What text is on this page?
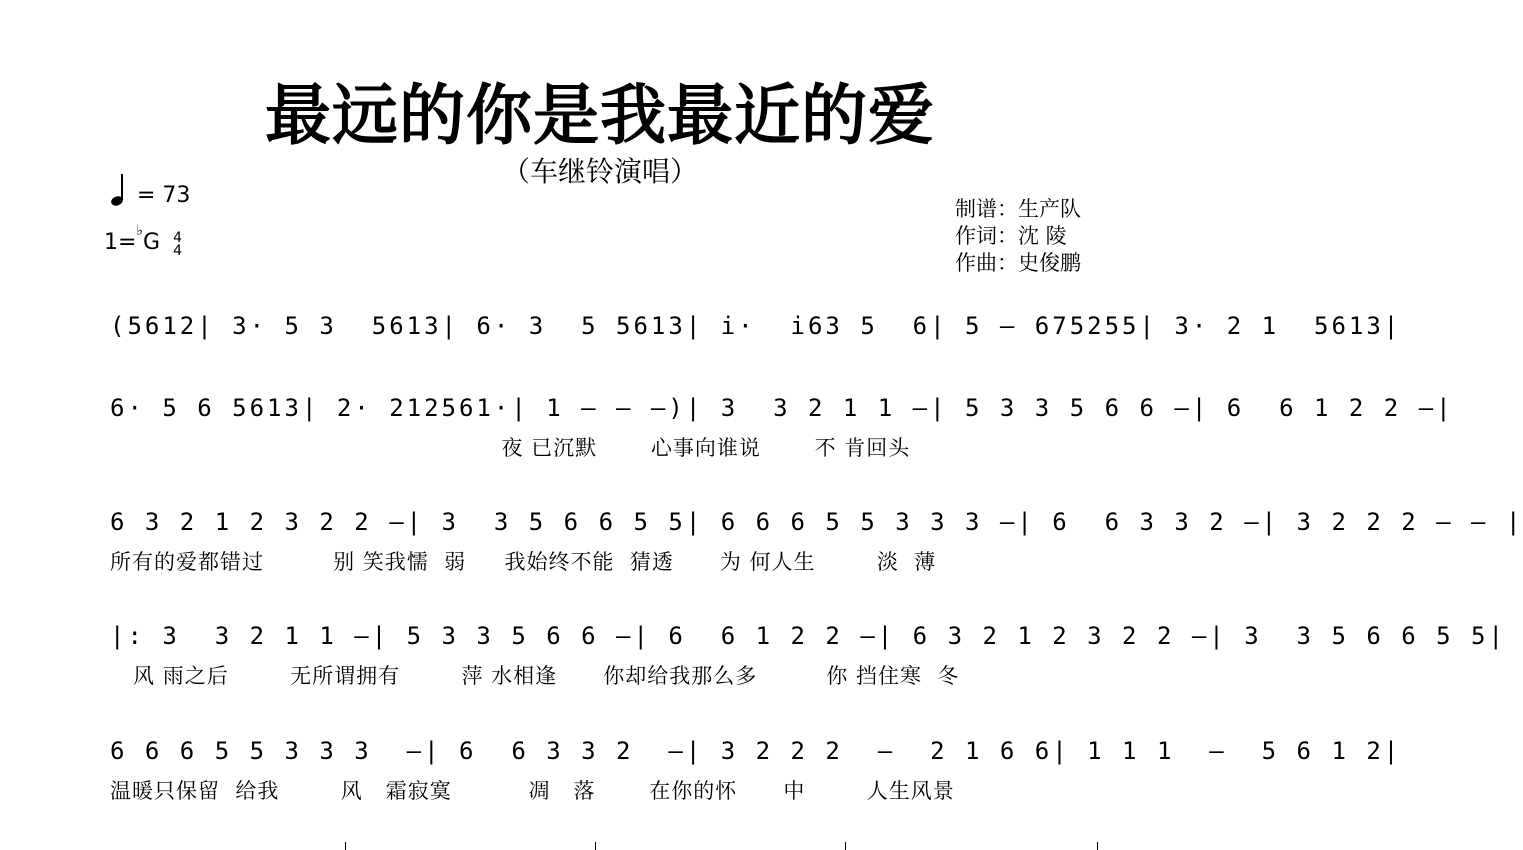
最远的你是我最近的爱
（车继铃演唱）
= 73
1=♭G 4
4
制谱：生产队
作词：沈 陵
作曲：史俊鹏
(5612| 3· 5 3  5613| 6· 3  5 5613| i·  i63 5  6| 5 — 675255| 3· 2 1  5613|
6· 5 6 5613| 2· 212561·| 1 — — —)| 3  3 2 1 1 —| 5 3 3 5 6 6 —| 6  6 1 2 2 —|
夜 已沉默       心事向谁说       不 肯回头
6 3 2 1 2 3 2 2 —| 3  3 5 6 6 5 5| 6 6 6 5 5 3 3 3 —| 6  6 3 3 2 —| 3 2 2 2 — — |
所有的爱都错过         别 笑我懦  弱     我始终不能  猜透      为 何人生        淡  薄
|: 3  3 2 1 1 —| 5 3 3 5 6 6 —| 6  6 1 2 2 —| 6 3 2 1 2 3 2 2 —| 3  3 5 6 6 5 5|
风 雨之后        无所谓拥有        萍 水相逢      你却给我那么多         你 挡住寒  冬
6 6 6 5 5 3 3 3  —| 6  6 3 3 2  —| 3 2 2 2  —  2 1 6 6| 1 1 1  —  5 6 1 2|
温暖只保留  给我        风   霜寂寞          凋   落       在你的怀      中        人生风景
